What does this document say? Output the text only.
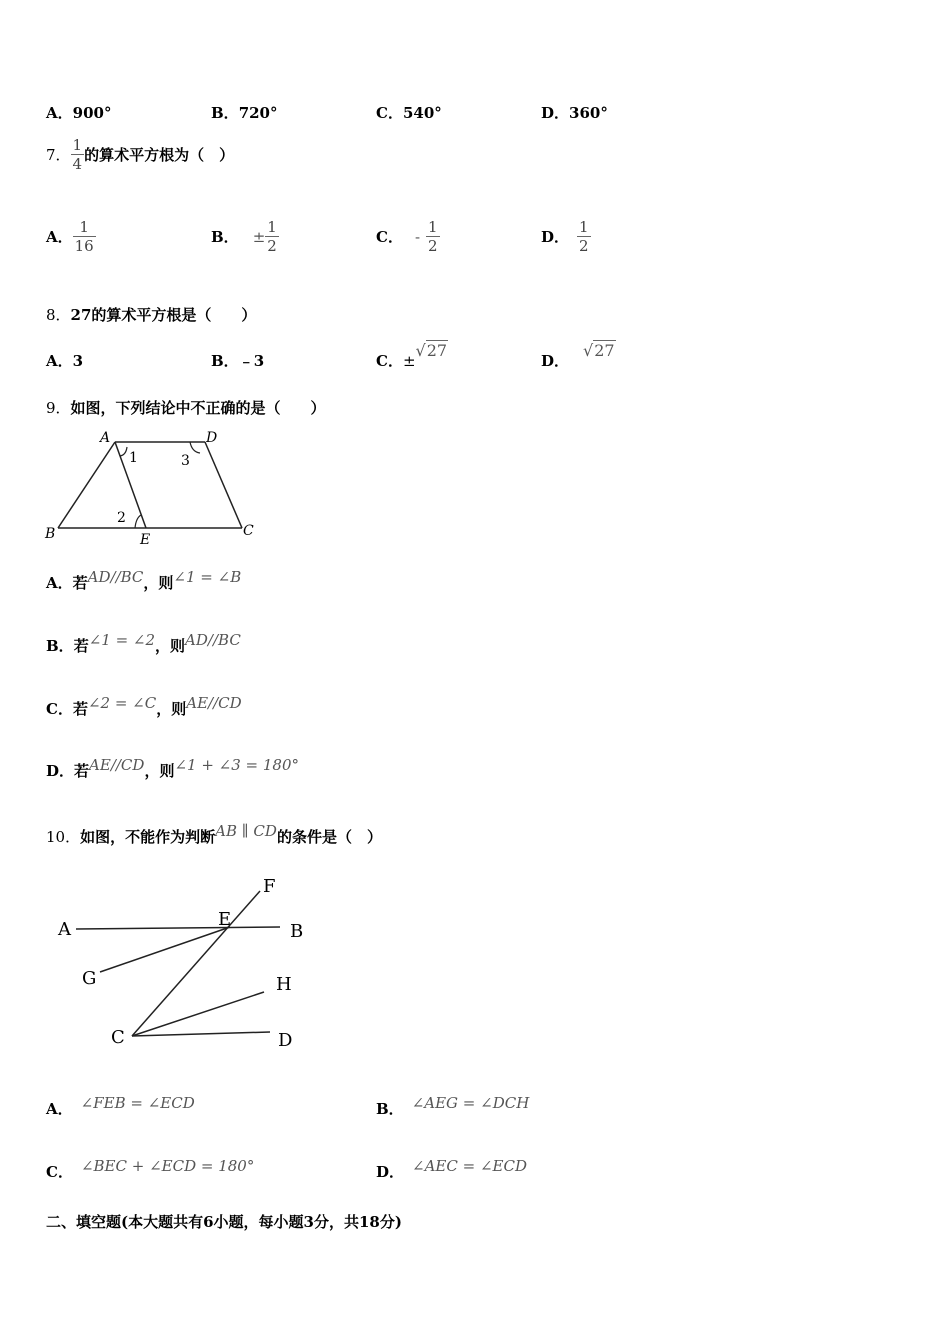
A．900°	B．720°	C．540°	D．360°
7． $\frac{1}{4}$ 的算术平方根为（　）
A． $\frac{1}{16}$	B． ± $\frac{1}{2}$	C． - $\frac{1}{2}$	D． $\frac{1}{2}$
8．27的算术平方根是（　　）
A．3	B．﹣3	C．±√27
D．√27
9．如图，下列结论中不正确的是（　　）
A	D
B	E
C
1
2
3
A．若AD//BC，则∠1 = ∠B
B．若∠1 = ∠2，则AD//BC
C．若∠2 = ∠C，则AE//CD
D．若AE//CD，则∠1 + ∠3 = 180°
10．如图，不能作为判断AB ∥ CD的条件是（　）
A	B
E
F
G
C
H
D
A． ∠FEB = ∠ECD	B． ∠AEG = ∠DCH
C． ∠BEC + ∠ECD = 180°	D． ∠AEC = ∠ECD
二、填空题(本大题共有6小题，每小题3分，共18分)
